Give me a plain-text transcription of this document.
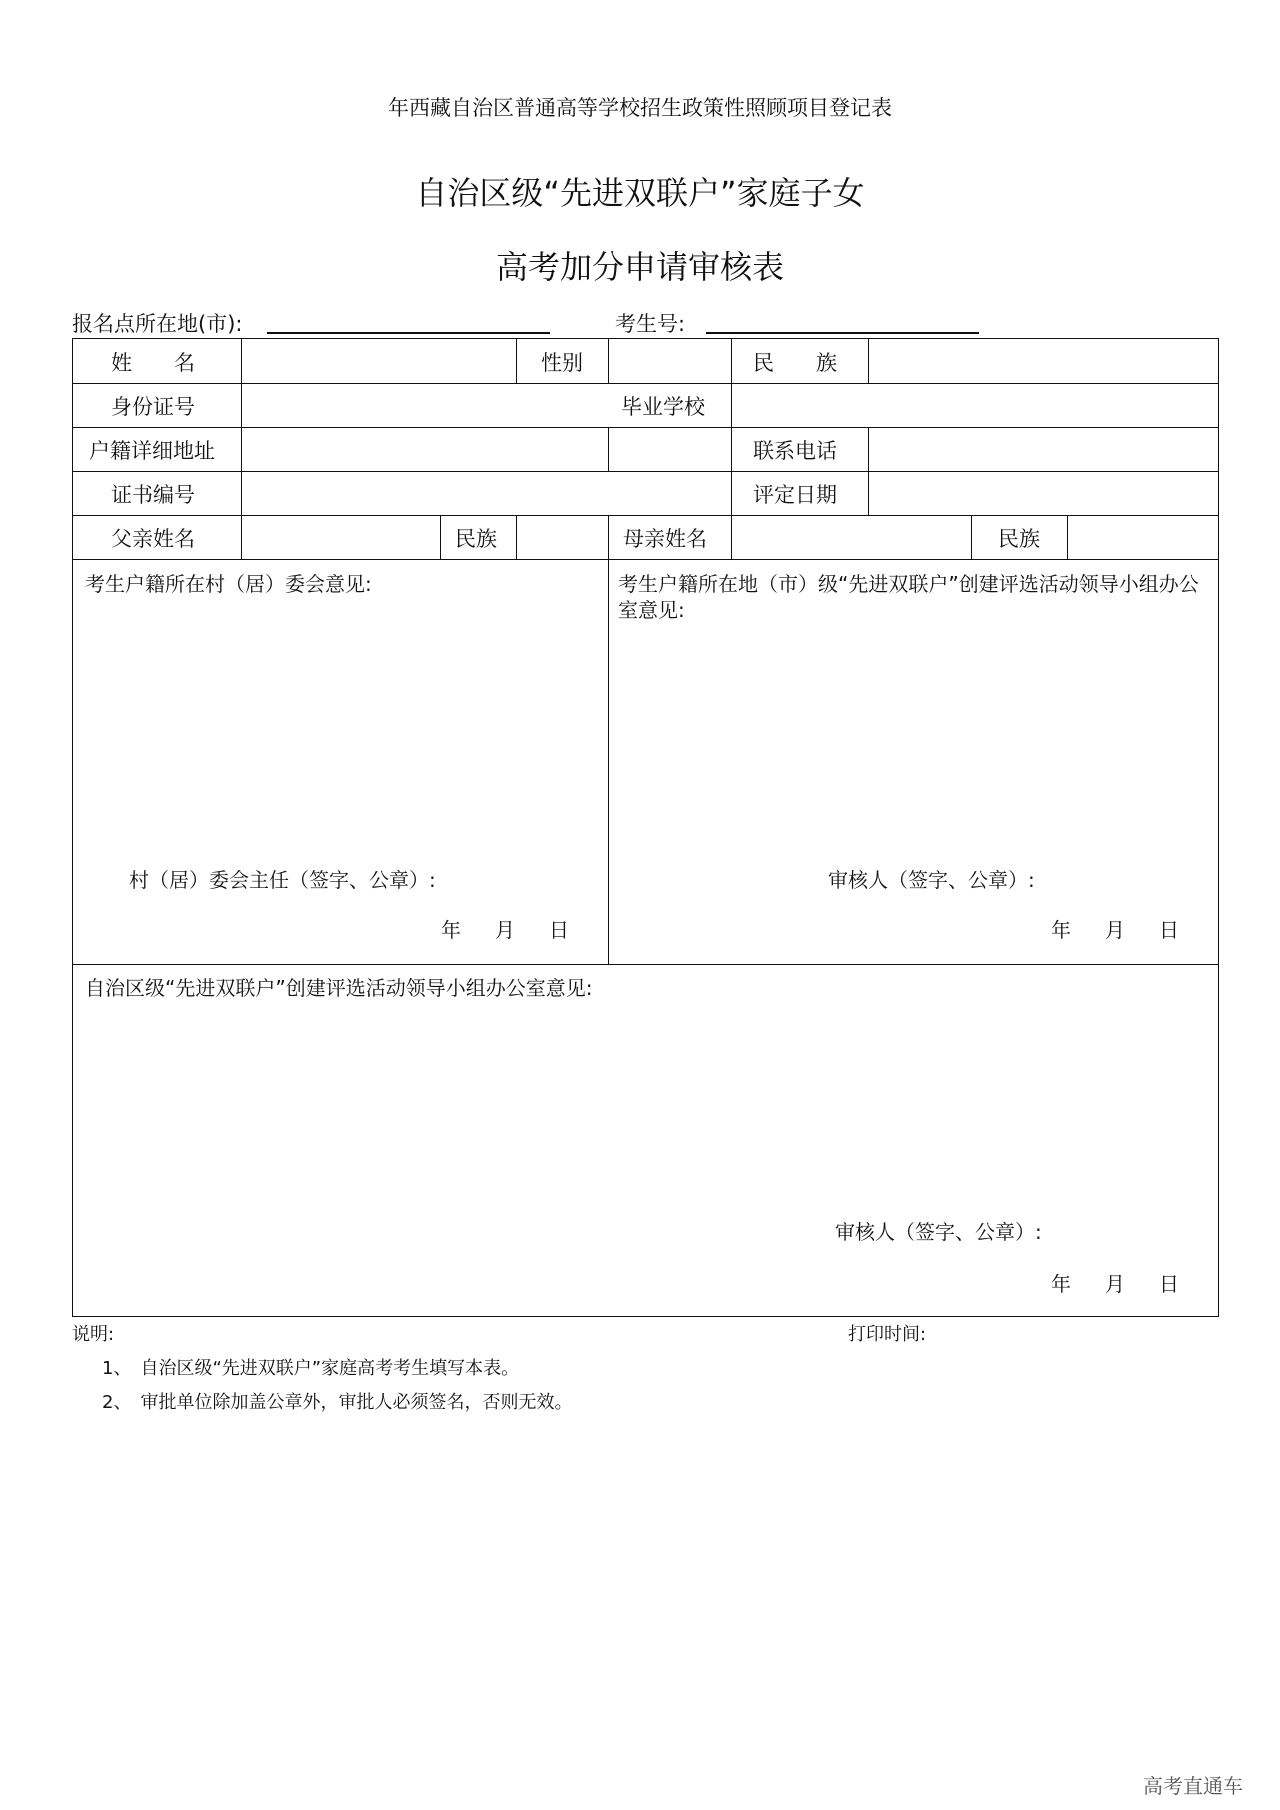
年西藏自治区普通高等学校招生政策性照顾项目登记表
自治区级“先进双联户”家庭子女
高考加分申请审核表
报名点所在地(市):	考生号:
姓　　名	性别	民　　族
身份证号	毕业学校
户籍详细地址	联系电话
证书编号	评定日期
父亲姓名	民族	母亲姓名	民族
考生户籍所在村（居）委会意见:
村（居）委会主任（签字、公章）:
年 月 日
考生户籍所在地（市）级“先进双联户”创建评选活动领导小组办公室意见:
审核人（签字、公章）:
年 月 日
自治区级“先进双联户”创建评选活动领导小组办公室意见:
审核人（签字、公章）:
年 月 日
说明:	打印时间:
1、　自治区级“先进双联户”家庭高考考生填写本表。
2、　审批单位除加盖公章外，审批人必须签名，否则无效。
高考直通车
